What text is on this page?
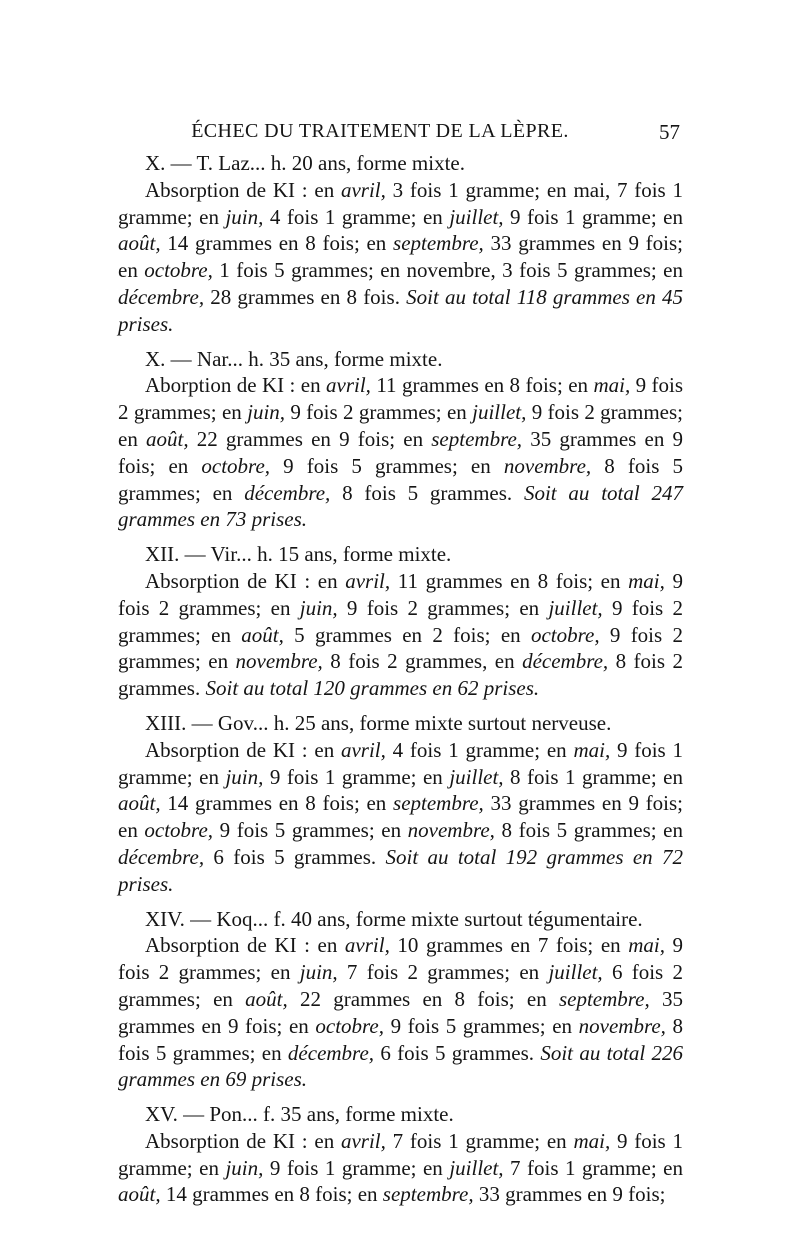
ÉCHEC DU TRAITEMENT DE LA LÈPRE.	57

X. — T. Laz... h. 20 ans, forme mixte.

Absorption de KI : en avril, 3 fois 1 gramme; en mai, 7 fois 1 gramme; en juin, 4 fois 1 gramme; en juillet, 9 fois 1 gramme; en août, 14 grammes en 8 fois; en septembre, 33 grammes en 9 fois; en octobre, 1 fois 5 grammes; en novembre, 3 fois 5 grammes; en décembre, 28 grammes en 8 fois. Soit au total 118 grammes en 45 prises.

X. — Nar... h. 35 ans, forme mixte.

Aborption de KI : en avril, 11 grammes en 8 fois; en mai, 9 fois 2 grammes; en juin, 9 fois 2 grammes; en juillet, 9 fois 2 grammes; en août, 22 grammes en 9 fois; en septembre, 35 grammes en 9 fois; en octobre, 9 fois 5 grammes; en novembre, 8 fois 5 grammes; en décembre, 8 fois 5 grammes. Soit au total 247 grammes en 73 prises.

XII. — Vir... h. 15 ans, forme mixte.

Absorption de KI : en avril, 11 grammes en 8 fois; en mai, 9 fois 2 grammes; en juin, 9 fois 2 grammes; en juillet, 9 fois 2 grammes; en août, 5 grammes en 2 fois; en octobre, 9 fois 2 grammes; en novembre, 8 fois 2 grammes, en décembre, 8 fois 2 grammes. Soit au total 120 grammes en 62 prises.

XIII. — Gov... h. 25 ans, forme mixte surtout nerveuse.

Absorption de KI : en avril, 4 fois 1 gramme; en mai, 9 fois 1 gramme; en juin, 9 fois 1 gramme; en juillet, 8 fois 1 gramme; en août, 14 grammes en 8 fois; en septembre, 33 grammes en 9 fois; en octobre, 9 fois 5 grammes; en novembre, 8 fois 5 grammes; en décembre, 6 fois 5 grammes. Soit au total 192 grammes en 72 prises.

XIV. — Koq... f. 40 ans, forme mixte surtout tégumentaire.

Absorption de KI : en avril, 10 grammes en 7 fois; en mai, 9 fois 2 grammes; en juin, 7 fois 2 grammes; en juillet, 6 fois 2 grammes; en août, 22 grammes en 8 fois; en septembre, 35 grammes en 9 fois; en octobre, 9 fois 5 grammes; en novembre, 8 fois 5 grammes; en décembre, 6 fois 5 grammes. Soit au total 226 grammes en 69 prises.

XV. — Pon... f. 35 ans, forme mixte.

Absorption de KI : en avril, 7 fois 1 gramme; en mai, 9 fois 1 gramme; en juin, 9 fois 1 gramme; en juillet, 7 fois 1 gramme; en août, 14 grammes en 8 fois; en septembre, 33 grammes en 9 fois;
